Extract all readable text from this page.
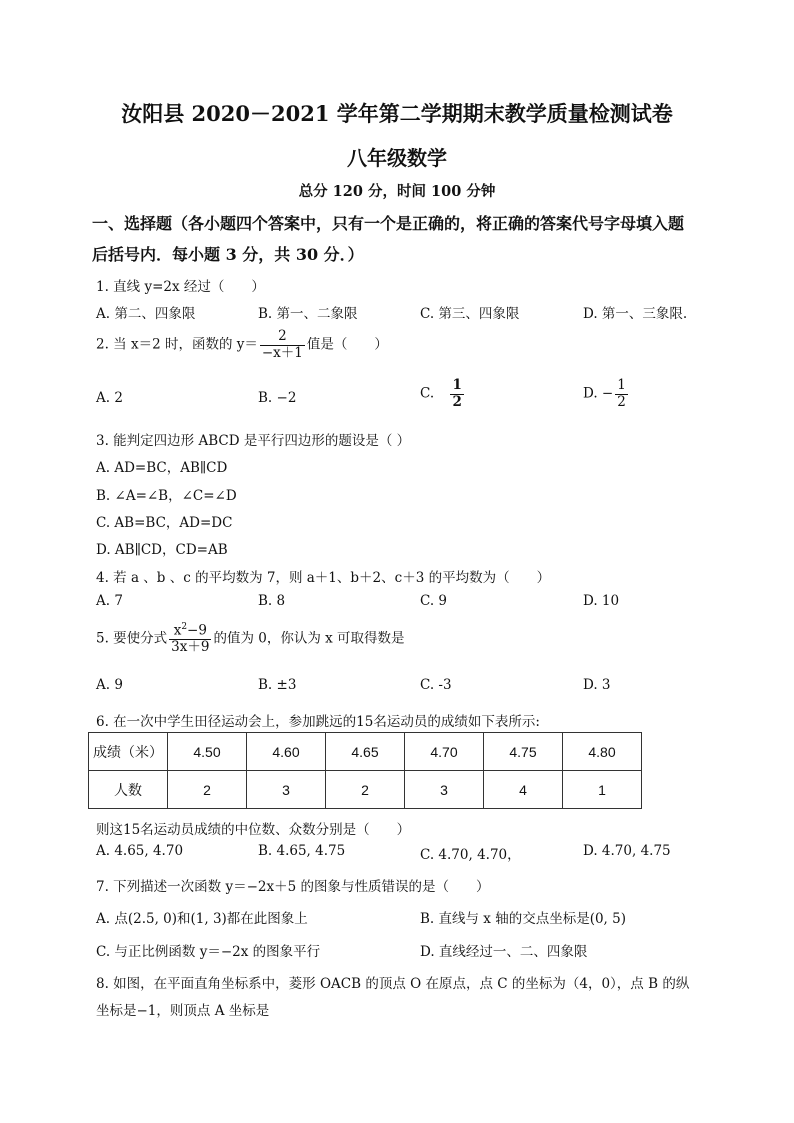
汝阳县 2020－2021 学年第二学期期末教学质量检测试卷
八年级数学
总分 120 分，时间 100 分钟
一、选择题（各小题四个答案中，只有一个是正确的，将正确的答案代号字母填入题
后括号内．每小题 3 分，共 30 分．）
1. 直线 y=2x 经过（　　）
A. 第二、四象限	B. 第一、二象限	C. 第三、四象限	D. 第一、三象限.
2. 当 x＝2 时，函数的 $y= \frac{2}{-x+1}$ 值是（　　）
A. 2	B. −2	C. $\frac{1}{2}$	D. − $\frac{1}{2}$
3. 能判定四边形 ABCD 是平行四边形的题设是（ ）
A. AD=BC，AB∥CD
B. ∠A=∠B，∠C=∠D
C. AB=BC，AD=DC
D. AB∥CD，CD=AB
4. 若 a 、b 、c 的平均数为 7，则 a＋1、b＋2、c＋3 的平均数为（　　）
A. 7	B. 8	C. 9	D. 10
5. 要使分式 $\frac{x^2-9}{3x+9}$ 的值为 0，你认为 x 可取得数是
A. 9	B. ±3	C. -3	D. 3
6. 在一次中学生田径运动会上，参加跳远的15名运动员的成绩如下表所示:
成绩（米）	4.50	4.60	4.65	4.70	4.75	4.80
人数	2	3	2	3	4	1
则这15名运动员成绩的中位数、众数分别是（　　）
A. 4.65, 4.70	B. 4.65, 4.75	C. 4.70, 4.70，	D. 4.70, 4.75
7. 下列描述一次函数 y＝−2x＋5 的图象与性质错误的是（　　）
A. 点(2.5, 0)和(1, 3)都在此图象上	B. 直线与 x 轴的交点坐标是(0, 5)
C. 与正比例函数 y＝−2x 的图象平行	D. 直线经过一、二、四象限
8. 如图，在平面直角坐标系中，菱形 OACB 的顶点 O 在原点，点 C 的坐标为（4，0），点 B 的纵
坐标是−1，则顶点 A 坐标是
